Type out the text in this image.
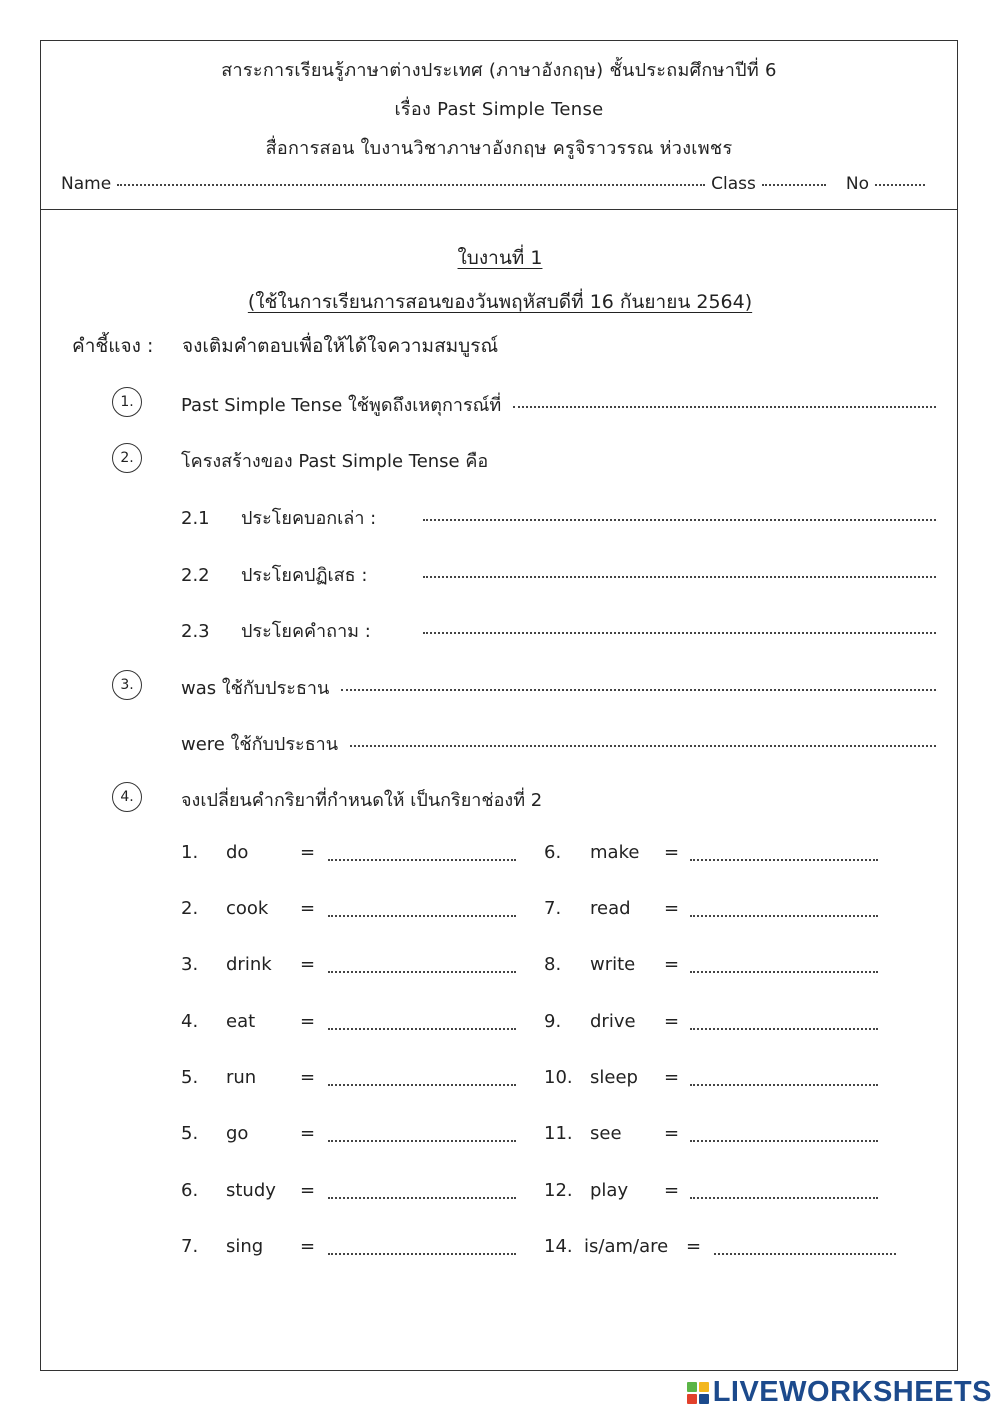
สาระการเรียนรู้ภาษาต่างประเทศ (ภาษาอังกฤษ) ชั้นประถมศึกษาปีที่ 6
เรื่อง Past Simple Tense
สื่อการสอน ใบงานวิชาภาษาอังกฤษ ครูจิราวรรณ ห่วงเพชร
Name	Class	No
ใบงานที่ 1
(ใช้ในการเรียนการสอนของวันพฤหัสบดีที่ 16 กันยายน 2564)
คำชี้แจง : จงเติมคำตอบเพื่อให้ได้ใจความสมบูรณ์
1.	Past Simple Tense ใช้พูดถึงเหตุการณ์ที่
2.	โครงสร้างของ Past Simple Tense คือ
2.1	ประโยคบอกเล่า :
2.2	ประโยคปฏิเสธ :
2.3	ประโยคคำถาม :
3.	was ใช้กับประธาน
were ใช้กับประธาน
4.	จงเปลี่ยนคำกริยาที่กำหนดให้ เป็นกริยาช่องที่ 2
1. do	=	6. make =
2. cook =	7. read =
3. drink =	8. write =
4. eat =	9. drive =
5. run =	10. sleep =
5. go	=	11. see =
6. study =	12. play =
7. sing =	14. is/am/are =
LIVEWORKSHEETS
